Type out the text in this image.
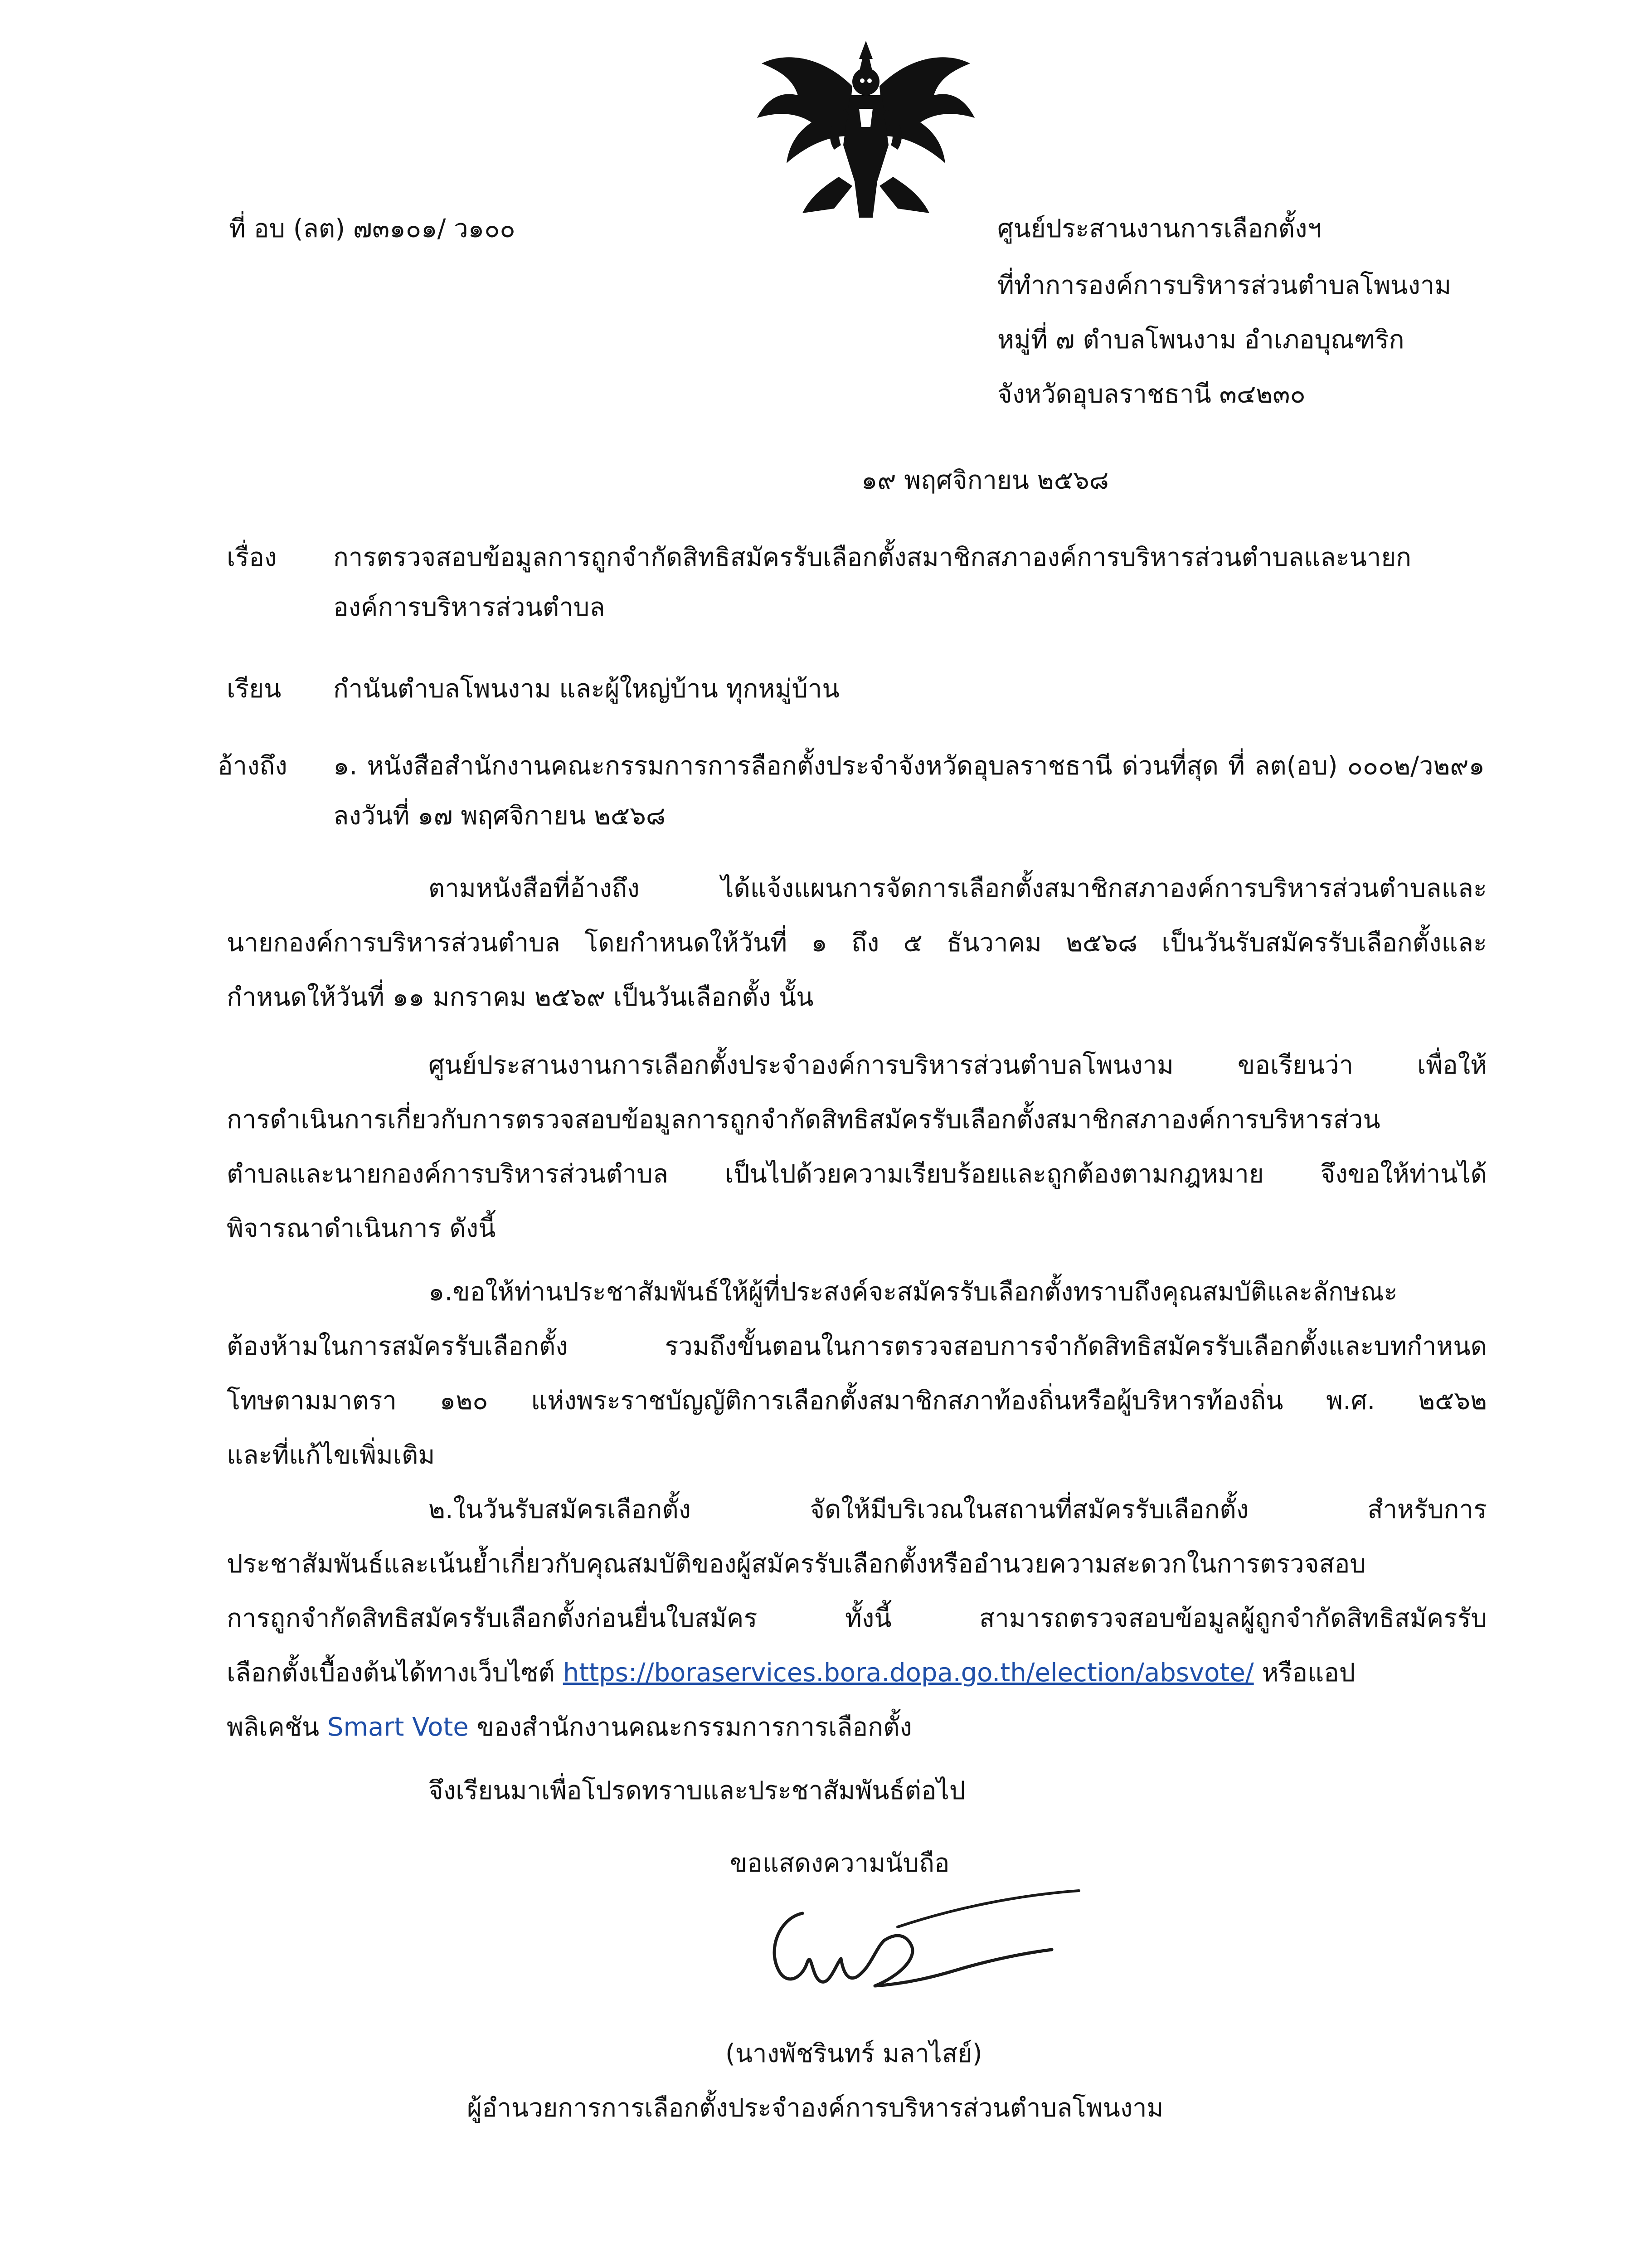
ที่ อบ (ลต) ๗๓๑๐๑/ ว๑๐๐	ศูนย์ประสานงานการเลือกตั้งฯ
ที่ทำการองค์การบริหารส่วนตำบลโพนงาม
หมู่ที่ ๗ ตำบลโพนงาม อำเภอบุณฑริก
จังหวัดอุบลราชธานี ๓๔๒๓๐
๑๙ พฤศจิกายน ๒๕๖๘
เรื่อง การตรวจสอบข้อมูลการถูกจำกัดสิทธิสมัครรับเลือกตั้งสมาชิกสภาองค์การบริหารส่วนตำบลและนายก
องค์การบริหารส่วนตำบล
เรียน กำนันตำบลโพนงาม และผู้ใหญ่บ้าน ทุกหมู่บ้าน
อ้างถึง ๑. หนังสือสำนักงานคณะกรรมการการลือกตั้งประจำจังหวัดอุบลราชธานี ด่วนที่สุด ที่ ลต(อบ) ๐๐๐๒/ว๒๙๑
ลงวันที่ ๑๗ พฤศจิกายน ๒๕๖๘
ตามหนังสือที่อ้างถึง ได้แจ้งแผนการจัดการเลือกตั้งสมาชิกสภาองค์การบริหารส่วนตำบลและ
นายกองค์การบริหารส่วนตำบล โดยกำหนดให้วันที่ ๑ ถึง ๕ ธันวาคม ๒๕๖๘ เป็นวันรับสมัครรับเลือกตั้งและ
กำหนดให้วันที่ ๑๑ มกราคม ๒๕๖๙ เป็นวันเลือกตั้ง นั้น
ศูนย์ประสานงานการเลือกตั้งประจำองค์การบริหารส่วนตำบลโพนงาม ขอเรียนว่า เพื่อให้
การดำเนินการเกี่ยวกับการตรวจสอบข้อมูลการถูกจำกัดสิทธิสมัครรับเลือกตั้งสมาชิกสภาองค์การบริหารส่วน
ตำบลและนายกองค์การบริหารส่วนตำบล เป็นไปด้วยความเรียบร้อยและถูกต้องตามกฎหมาย จึงขอให้ท่านได้
พิจารณาดำเนินการ ดังนี้
๑.ขอให้ท่านประชาสัมพันธ์ให้ผู้ที่ประสงค์จะสมัครรับเลือกตั้งทราบถึงคุณสมบัติและลักษณะ
ต้องห้ามในการสมัครรับเลือกตั้ง รวมถึงขั้นตอนในการตรวจสอบการจำกัดสิทธิสมัครรับเลือกตั้งและบทกำหนด
โทษตามมาตรา ๑๒๐ แห่งพระราชบัญญัติการเลือกตั้งสมาชิกสภาท้องถิ่นหรือผู้บริหารท้องถิ่น พ.ศ. ๒๕๖๒
และที่แก้ไขเพิ่มเติม
๒.ในวันรับสมัครเลือกตั้ง จัดให้มีบริเวณในสถานที่สมัครรับเลือกตั้ง สำหรับการ
ประชาสัมพันธ์และเน้นย้ำเกี่ยวกับคุณสมบัติของผู้สมัครรับเลือกตั้งหรืออำนวยความสะดวกในการตรวจสอบ
การถูกจำกัดสิทธิสมัครรับเลือกตั้งก่อนยื่นใบสมัคร ทั้งนี้ สามารถตรวจสอบข้อมูลผู้ถูกจำกัดสิทธิสมัครรับ
เลือกตั้งเบื้องต้นได้ทางเว็บไซต์ https://boraservices.bora.dopa.go.th/election/absvote/ หรือแอป
พลิเคชัน Smart Vote ของสำนักงานคณะกรรมการการเลือกตั้ง
จึงเรียนมาเพื่อโปรดทราบและประชาสัมพันธ์ต่อไป
ขอแสดงความนับถือ
(นางพัชรินทร์ มลาไสย์)
ผู้อำนวยการการเลือกตั้งประจำองค์การบริหารส่วนตำบลโพนงาม
